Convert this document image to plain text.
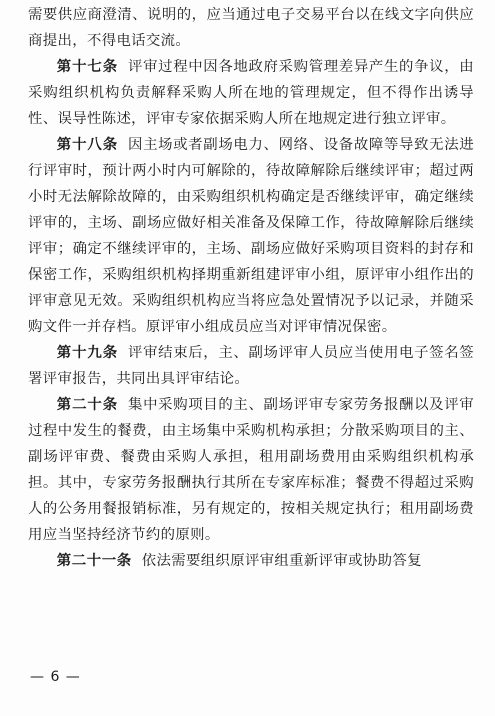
需要供应商澄清、说明的，应当通过电子交易平台以在线文字向供应商提出，不得电话交流。

第十七条 评审过程中因各地政府采购管理差异产生的争议，由采购组织机构负责解释采购人所在地的管理规定，但不得作出诱导性、误导性陈述，评审专家依据采购人所在地规定进行独立评审。

第十八条 因主场或者副场电力、网络、设备故障等导致无法进行评审时，预计两小时内可解除的，待故障解除后继续评审；超过两小时无法解除故障的，由采购组织机构确定是否继续评审，确定继续评审的，主场、副场应做好相关准备及保障工作，待故障解除后继续评审；确定不继续评审的，主场、副场应做好采购项目资料的封存和保密工作，采购组织机构择期重新组建评审小组，原评审小组作出的评审意见无效。采购组织机构应当将应急处置情况予以记录，并随采购文件一并存档。原评审小组成员应当对评审情况保密。

第十九条 评审结束后，主、副场评审人员应当使用电子签名签署评审报告，共同出具评审结论。

第二十条 集中采购项目的主、副场评审专家劳务报酬以及评审过程中发生的餐费，由主场集中采购机构承担；分散采购项目的主、副场评审费、餐费由采购人承担，租用副场费用由采购组织机构承担。其中，专家劳务报酬执行其所在专家库标准；餐费不得超过采购人的公务用餐报销标准，另有规定的，按相关规定执行；租用副场费用应当坚持经济节约的原则。

第二十一条 依法需要组织原评审组重新评审或协助答复

— 6 —
